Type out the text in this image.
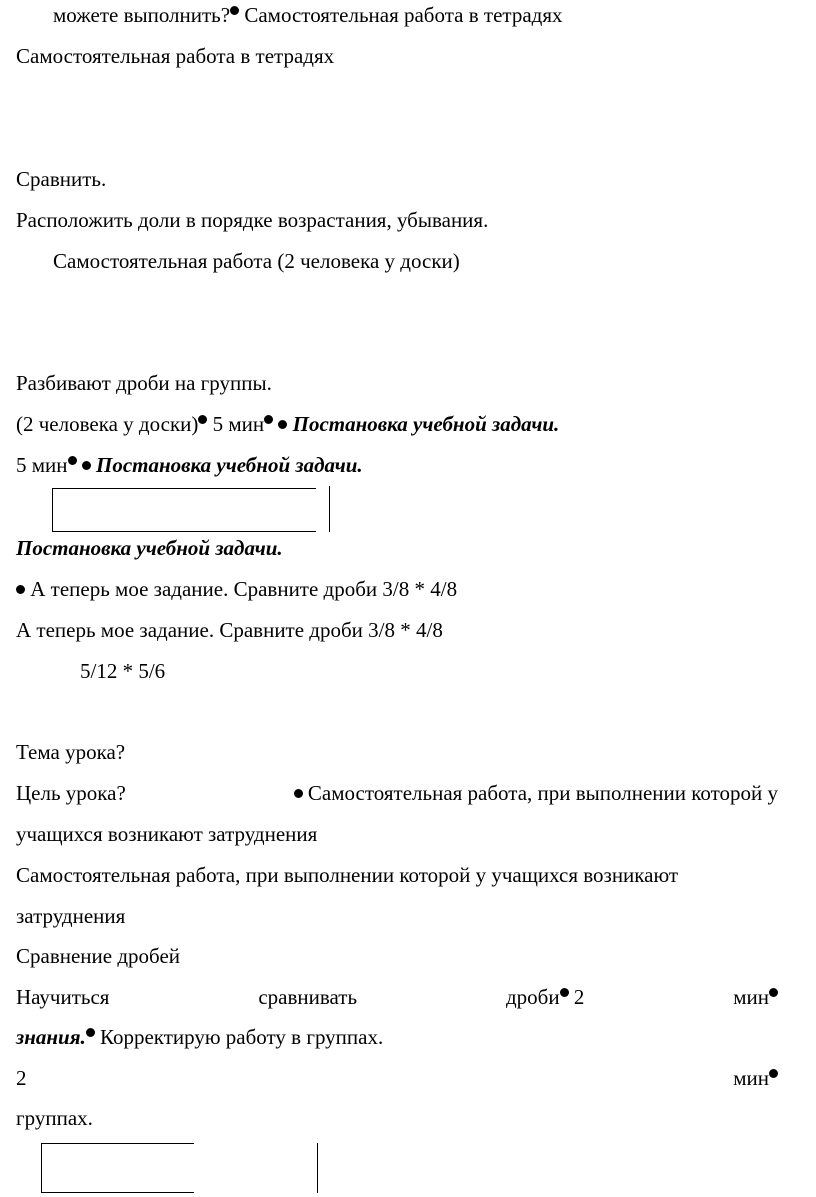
можете выполнить? Самостоятельная работа в тетрадях
Самостоятельная работа в тетрадях
Сравнить.
Расположить доли в порядке возрастания, убывания.
Самостоятельная работа (2 человека у доски)
Разбивают дроби на группы.
(2 человека у доски) 5 мин Постановка учебной задачи.
5 мин Постановка учебной задачи.
Постановка учебной задачи.
А теперь мое задание. Сравните дроби 3/8 * 4/8
А теперь мое задание. Сравните дроби 3/8 * 4/8
5/12 * 5/6
Тема урока?
Цель урока?	Самостоятельная работа, при выполнении которой у
учащихся возникают затруднения
Самостоятельная работа, при выполнении которой у учащихся возникают
затруднения
Сравнение дробей
Научиться	сравнивать	дроби 2	мин
знания. Корректирую работу в группах.
2	мин
группах.
